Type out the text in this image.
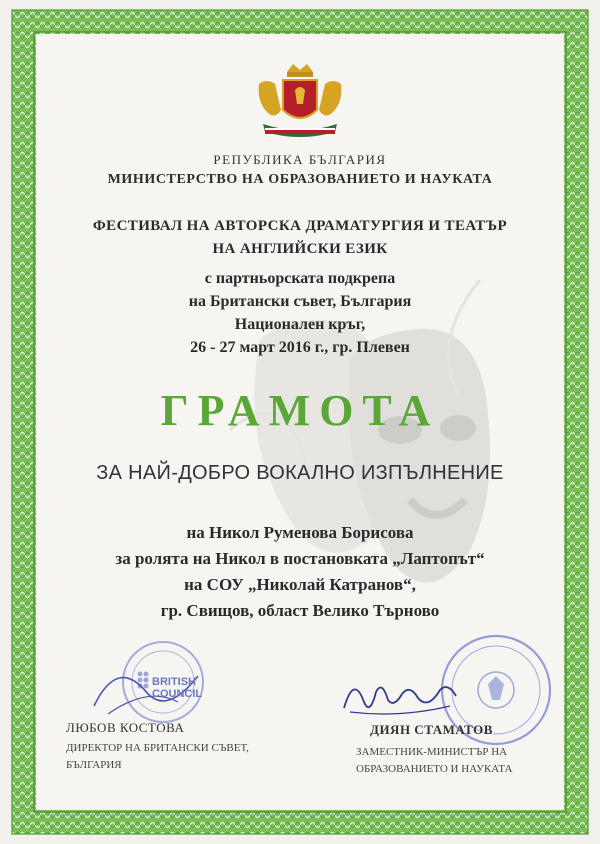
РЕПУБЛИКА БЪЛГАРИЯ
МИНИСТЕРСТВО НА ОБРАЗОВАНИЕТО И НАУКАТА
ФЕСТИВАЛ НА АВТОРСКА ДРАМАТУРГИЯ И ТЕАТЪР
НА АНГЛИЙСКИ ЕЗИК
с партньорската подкрепа
на Британски съвет, България
Национален кръг,
26 - 27 март 2016 г., гр. Плевен
ГРАМОТА
ЗА НАЙ-ДОБРО ВОКАЛНО ИЗПЪЛНЕНИЕ
на Никол Руменова Борисова
за ролята на Никол в постановката „Лаптопът“
на СОУ „Николай Катранов“,
гр. Свищов, област Велико Търново
BRITISH
COUNCIL
ЛЮБОВ КОСТОВА
ДИРЕКТОР НА БРИТАНСКИ СЪВЕТ,
БЪЛГАРИЯ
ДИЯН СТАМАТОВ
ЗАМЕСТНИК-МИНИСТЪР НА
ОБРАЗОВАНИЕТО И НАУКАТА
